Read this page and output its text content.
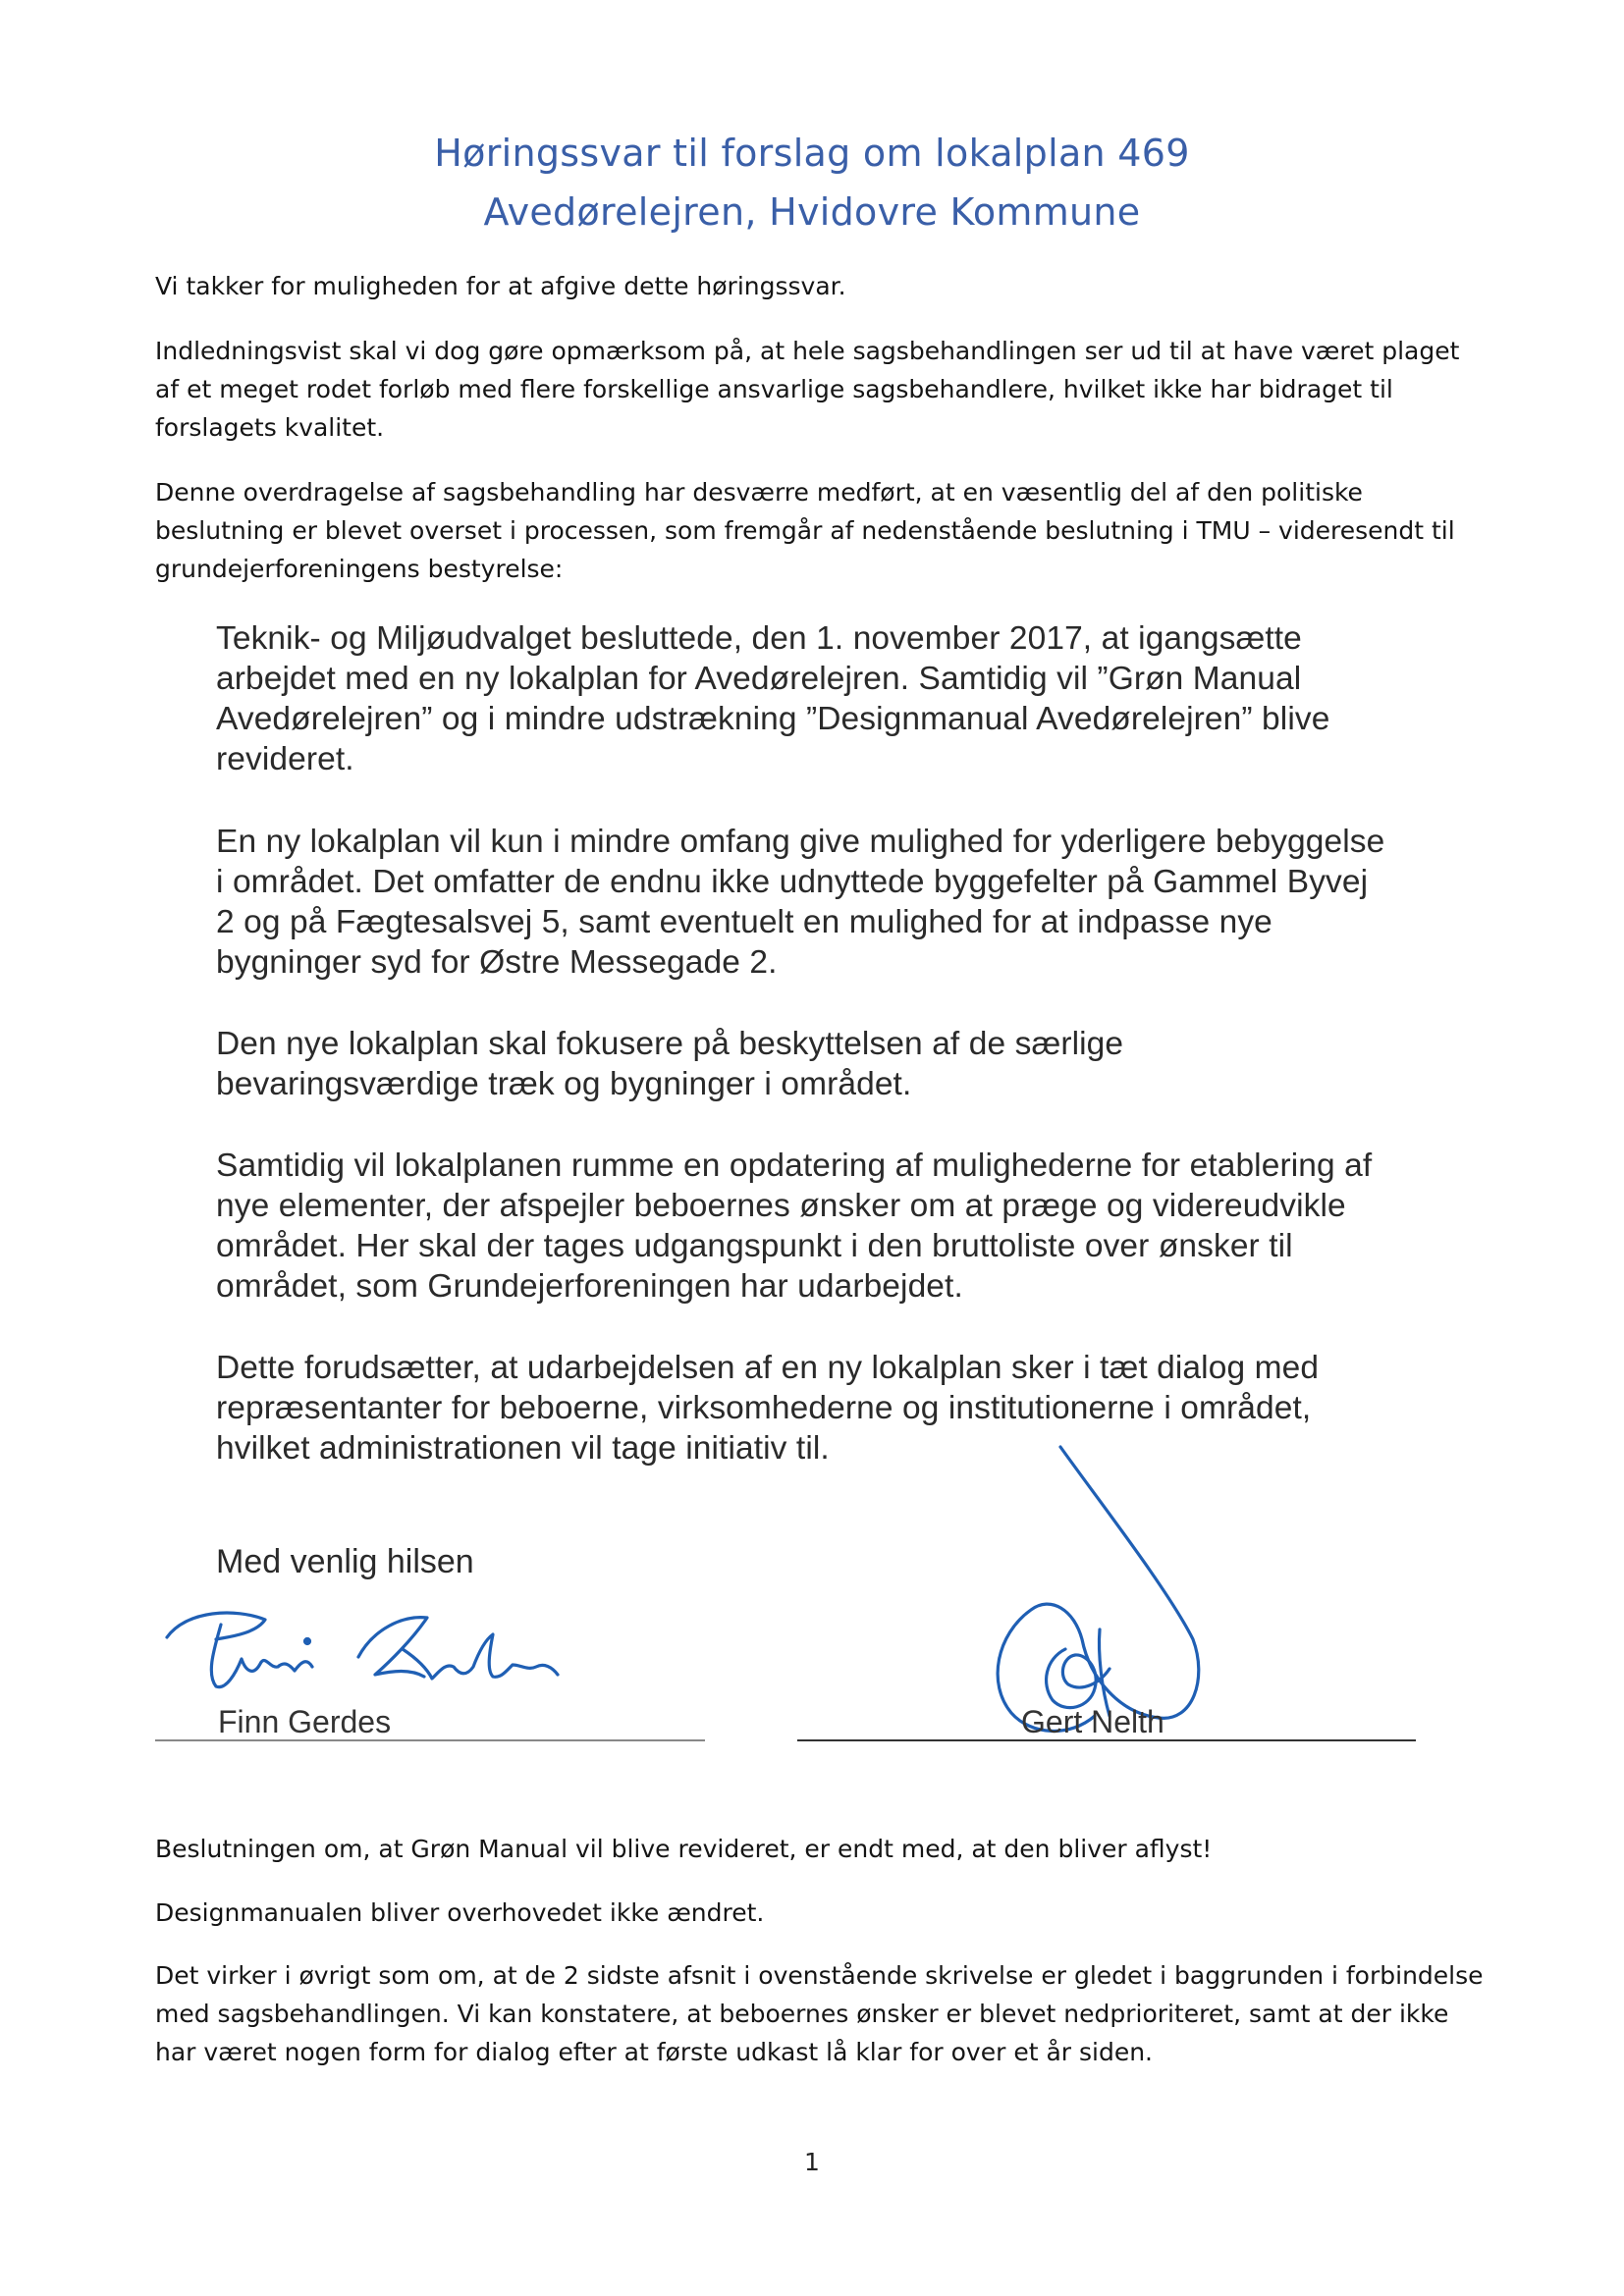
Høringssvar til forslag om lokalplan 469
Avedørelejren, Hvidovre Kommune

Vi takker for muligheden for at afgive dette høringssvar.

Indledningsvist skal vi dog gøre opmærksom på, at hele sagsbehandlingen ser ud til at have været plaget af et meget rodet forløb med flere forskellige ansvarlige sagsbehandlere, hvilket ikke har bidraget til forslagets kvalitet.

Denne overdragelse af sagsbehandling har desværre medført, at en væsentlig del af den politiske beslutning er blevet overset i processen, som fremgår af nedenstående beslutning i TMU – videresendt til grundejerforeningens bestyrelse:

Teknik- og Miljøudvalget besluttede, den 1. november 2017, at igangsætte arbejdet med en ny lokalplan for Avedørelejren. Samtidig vil ”Grøn Manual Avedørelejren” og i mindre udstrækning ”Designmanual Avedørelejren” blive revideret.

En ny lokalplan vil kun i mindre omfang give mulighed for yderligere bebyggelse i området. Det omfatter de endnu ikke udnyttede byggefelter på Gammel Byvej 2 og på Fægtesalsvej 5, samt eventuelt en mulighed for at indpasse nye bygninger syd for Østre Messegade 2.

Den nye lokalplan skal fokusere på beskyttelsen af de særlige bevaringsværdige træk og bygninger i området.

Samtidig vil lokalplanen rumme en opdatering af mulighederne for etablering af nye elementer, der afspejler beboernes ønsker om at præge og videreudvikle området. Her skal der tages udgangspunkt i den bruttoliste over ønsker til området, som Grundejerforeningen har udarbejdet.

Dette forudsætter, at udarbejdelsen af en ny lokalplan sker i tæt dialog med repræsentanter for beboerne, virksomhederne og institutionerne i området, hvilket administrationen vil tage initiativ til.

Med venlig hilsen
Finn Gerdes	Gert Nelth

Beslutningen om, at Grøn Manual vil blive revideret, er endt med, at den bliver aflyst!

Designmanualen bliver overhovedet ikke ændret.

Det virker i øvrigt som om, at de 2 sidste afsnit i ovenstående skrivelse er gledet i baggrunden i forbindelse med sagsbehandlingen. Vi kan konstatere, at beboernes ønsker er blevet nedprioriteret, samt at der ikke har været nogen form for dialog efter at første udkast lå klar for over et år siden.

1
